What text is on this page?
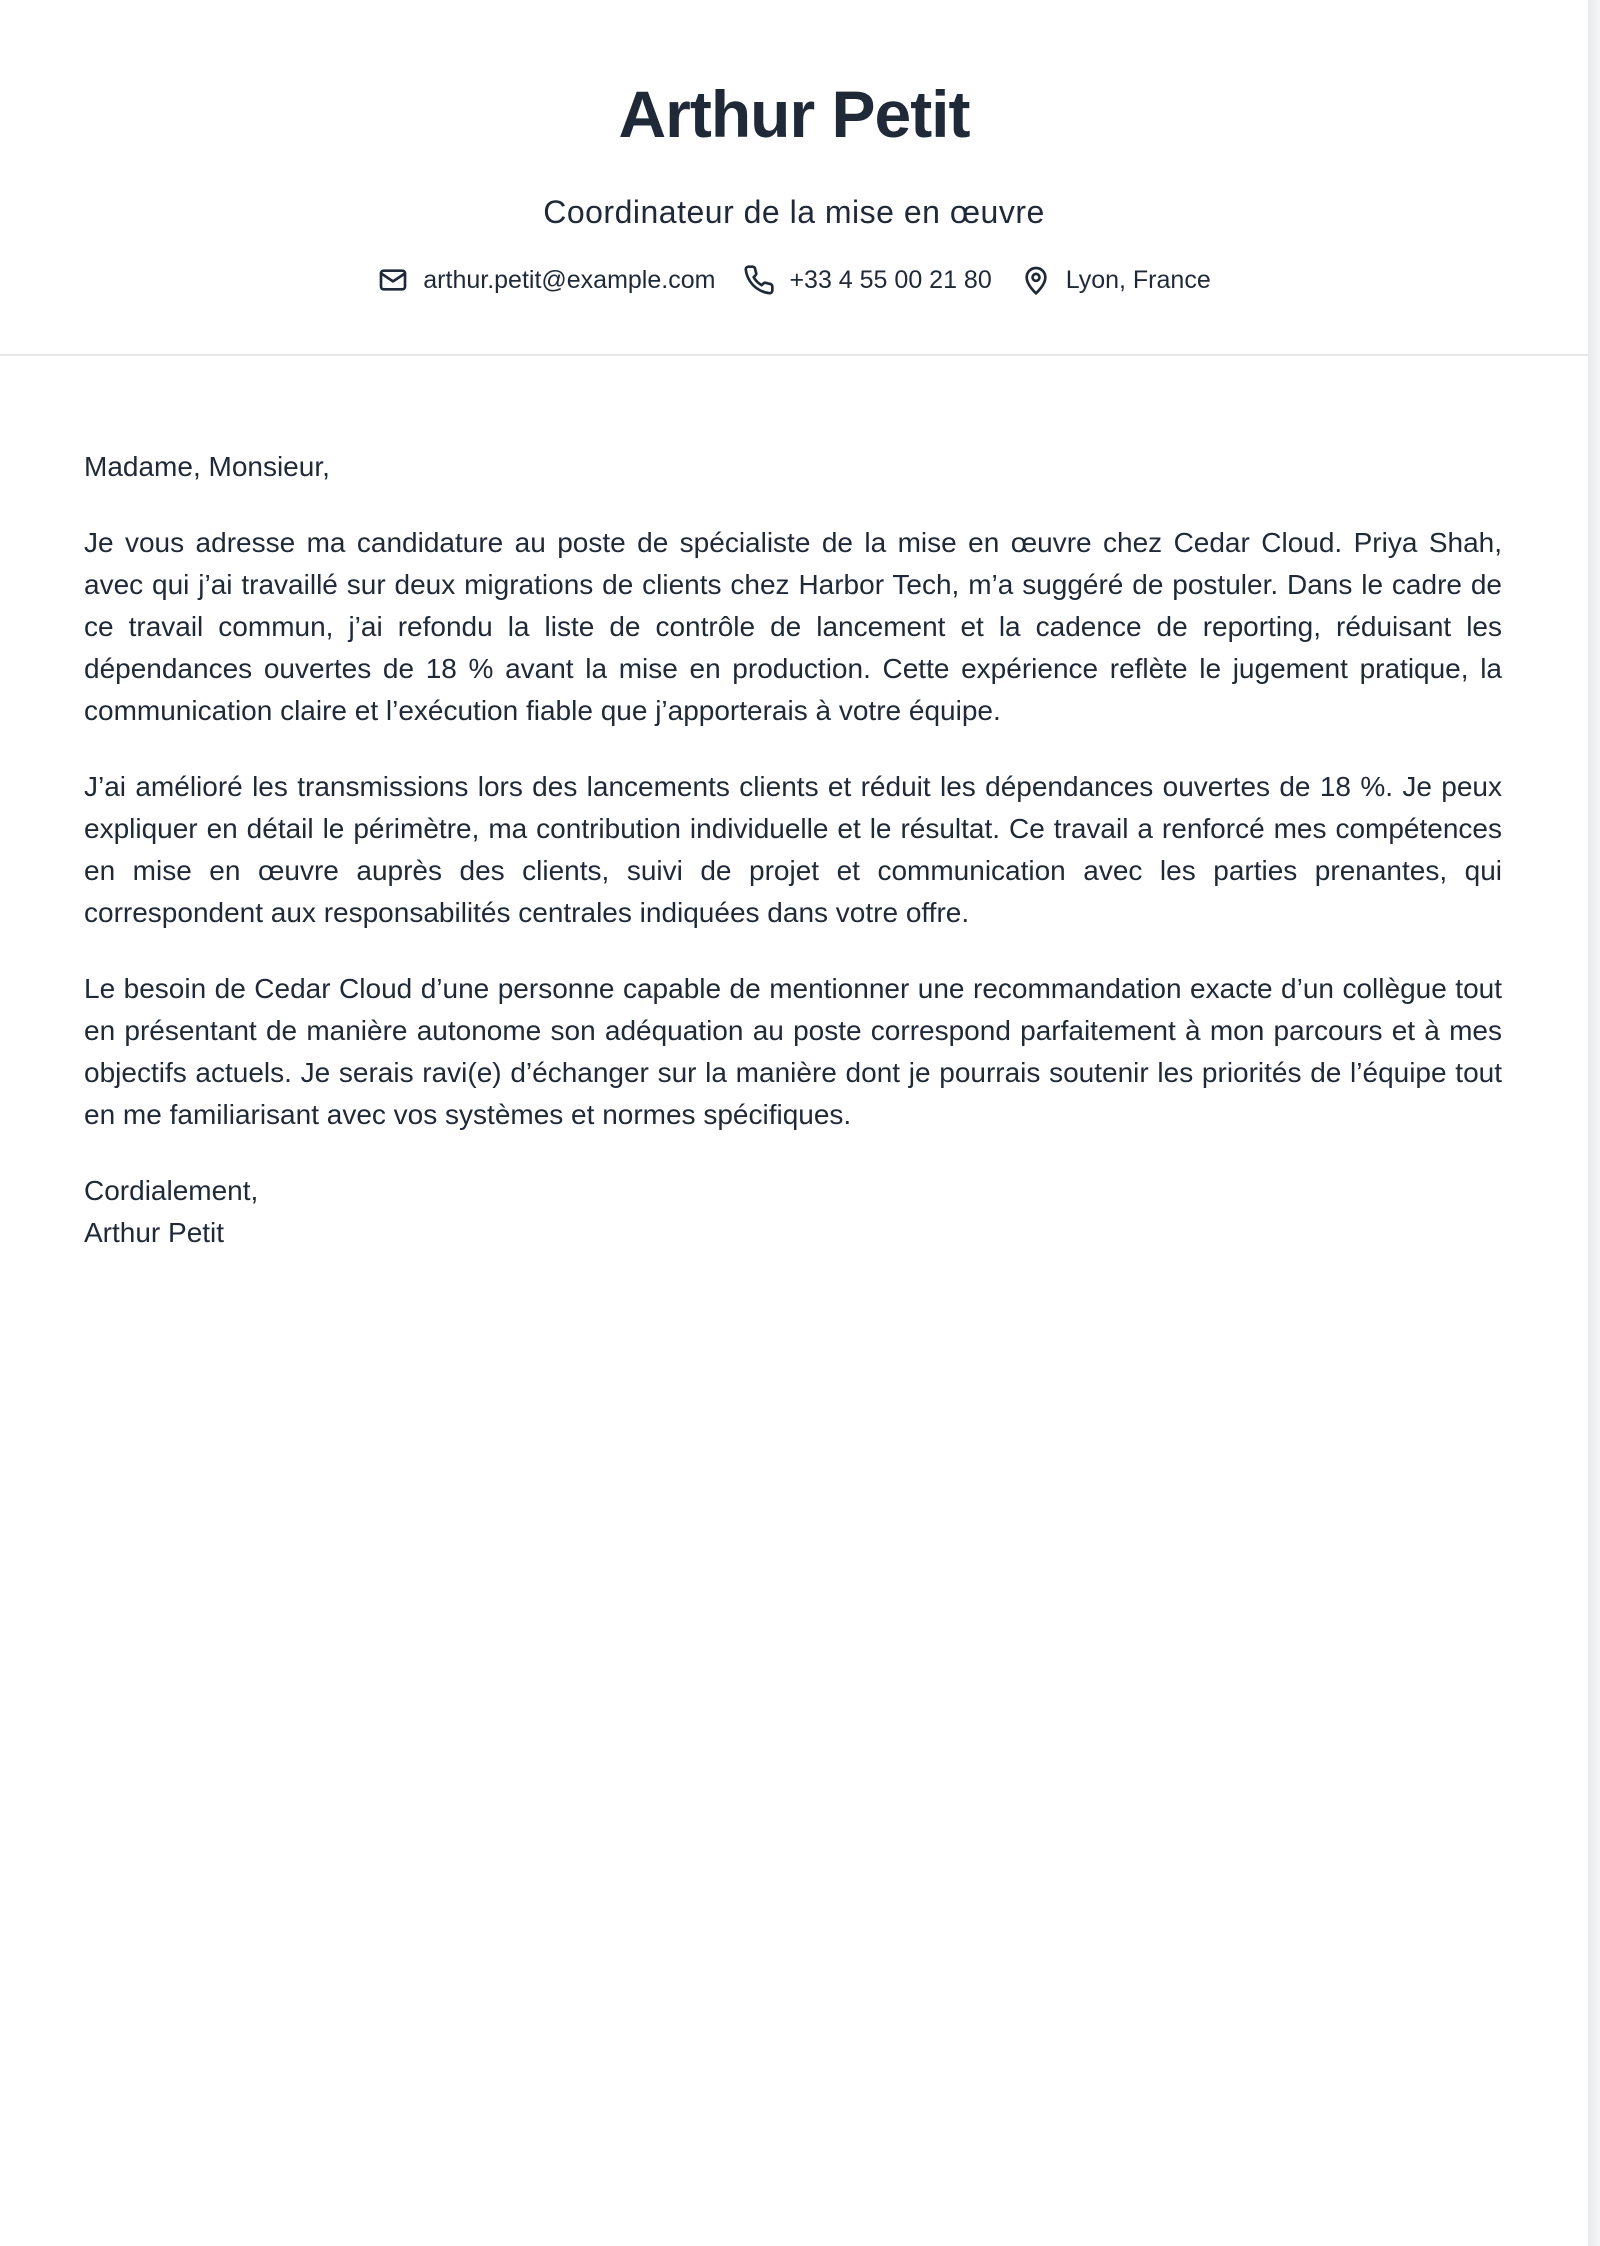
Arthur Petit
Coordinateur de la mise en œuvre
arthur.petit@example.com	+33 4 55 00 21 80	Lyon, France

Madame, Monsieur,

Je vous adresse ma candidature au poste de spécialiste de la mise en œuvre chez Cedar Cloud. Priya Shah, avec qui j’ai travaillé sur deux migrations de clients chez Harbor Tech, m’a suggéré de postuler. Dans le cadre de ce travail commun, j’ai refondu la liste de contrôle de lancement et la cadence de reporting, réduisant les dépendances ouvertes de 18 % avant la mise en production. Cette expérience reflète le jugement pratique, la communication claire et l’exécution fiable que j’apporterais à votre équipe.

J’ai amélioré les transmissions lors des lancements clients et réduit les dépendances ouvertes de 18 %. Je peux expliquer en détail le périmètre, ma contribution individuelle et le résultat. Ce travail a renforcé mes compétences en mise en œuvre auprès des clients, suivi de projet et communication avec les parties prenantes, qui correspondent aux responsabilités centrales indiquées dans votre offre.

Le besoin de Cedar Cloud d’une personne capable de mentionner une recommandation exacte d’un collègue tout en présentant de manière autonome son adéquation au poste correspond parfaitement à mon parcours et à mes objectifs actuels. Je serais ravi(e) d’échanger sur la manière dont je pourrais soutenir les priorités de l’équipe tout en me familiarisant avec vos systèmes et normes spécifiques.

Cordialement,
Arthur Petit
